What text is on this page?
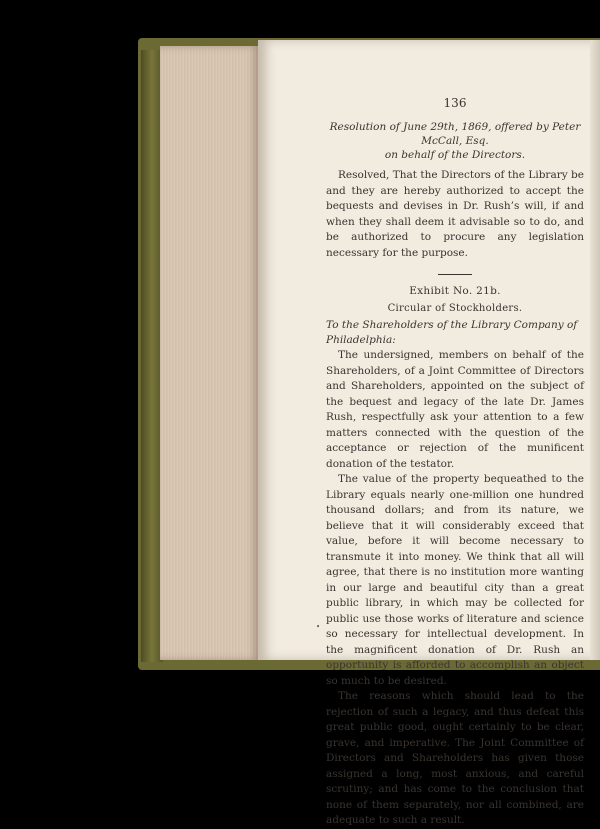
136
Resolution of June 29th, 1869, offered by Peter McCall, Esq.
on behalf of the Directors.

Resolved, That the Directors of the Library be and they are hereby authorized to accept the bequests and devises in Dr. Rush’s will, if and when they shall deem it advisable so to do, and be authorized to procure any legislation necessary for the purpose.

Exhibit No. 21b.
Circular of Stockholders.
To the Shareholders of the Library Company of Philadelphia:

The undersigned, members on behalf of the Shareholders, of a Joint Committee of Directors and Shareholders, appointed on the subject of the bequest and legacy of the late Dr. James Rush, respectfully ask your attention to a few matters connected with the question of the acceptance or rejection of the munificent donation of the testator.

The value of the property bequeathed to the Library equals nearly one-million one hundred thousand dollars; and from its nature, we believe that it will considerably exceed that value, before it will become necessary to transmute it into money. We think that all will agree, that there is no institution more wanting in our large and beautiful city than a great public library, in which may be collected for public use those works of literature and science so necessary for intellectual development. In the magnificent donation of Dr. Rush an opportunity is afforded to accomplish an object so much to be desired.

The reasons which should lead to the rejection of such a legacy, and thus defeat this great public good, ought certainly to be clear, grave, and imperative. The Joint Committee of Directors and Shareholders has given those assigned a long, most anxious, and careful scrutiny; and has come to the conclusion that none of them separately, nor all combined, are adequate to such a result.

•
